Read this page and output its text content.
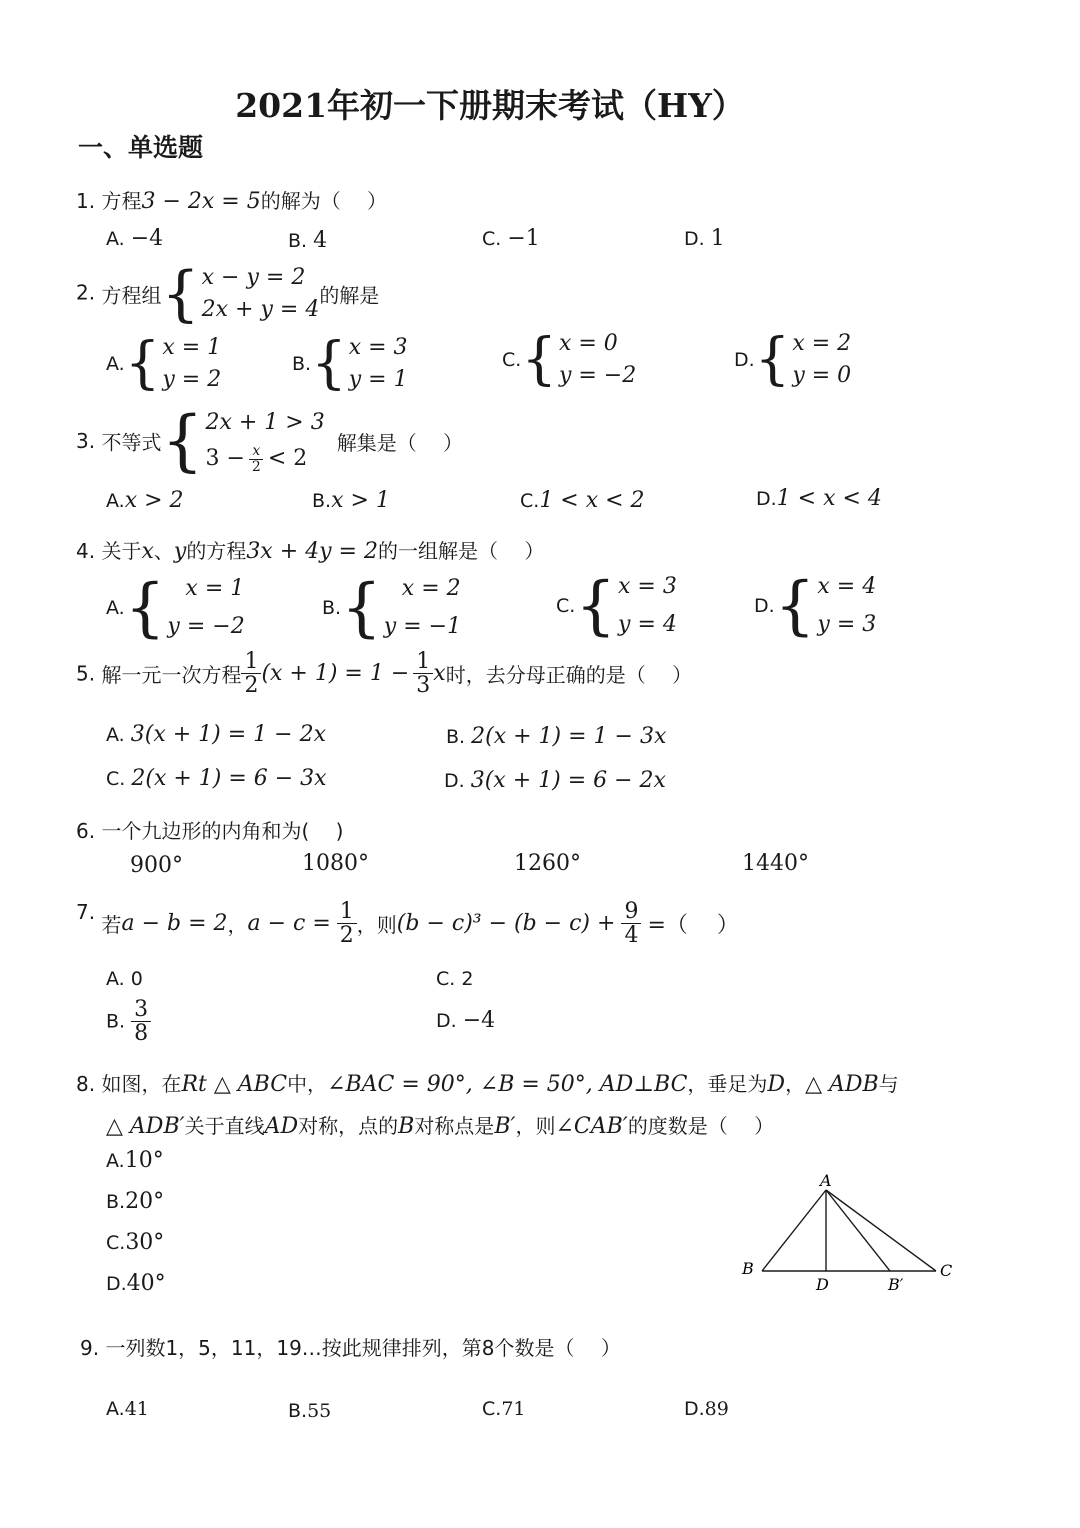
2021年初一下册期末考试（HY）
一、单选题
1. 方程3 − 2x = 5的解为（　 ）
A. −4	B. 4	C. −1	D. 1
2. 方程组 { x − y = 2
2x + y = 4
的解是
A. { x = 1
y = 2
B. { x = 3
y = 1
C. { x = 0
y = −2
D. { x = 2
y = 0
3. 不等式 { 2x + 1 > 3
$3 - \frac{x}{2} < 2$
解集是（　 ）
A.x > 2	B.x > 1	C.1 < x < 2	D.1 < x < 4
4. 关于x、y的方程3x + 4y = 2的一组解是（　 ）
A. { x = 1
y = −2
B. { x = 2
y = −1
C. { x = 3
y = 4
D. { x = 4
y = 3
5. 解一元一次方程 $\frac{1}{2} (x + 1) = 1 - \frac{1}{3}$ x时，去分母正确的是（　 ）
A. 3(x + 1) = 1 − 2x	B. 2(x + 1) = 1 − 3x
C. 2(x + 1) = 6 − 3x	D. 3(x + 1) = 6 − 2x
6. 一个九边形的内角和为(　 )
900°	1080°	1260°	1440°
7. 若a − b = 2，$a - c = \frac{1}{2}$ ，则$(b - c)^3 - (b - c) + \frac{9}{4}$ =（　 ）
A. 0	C. 2
B. $\frac{3}{8}$	D. −4
8. 如图，在Rt △ ABC中，∠BAC = 90°, ∠B = 50°, AD⊥BC，垂足为D，△ ADB与
△ ADB′关于直线AD对称，点的B对称点是B′，则∠CAB′的度数是（　 ）
A.10°
B.20°
C.30°
D.40°
A
B	C
D	B′
9. 一列数1，5，11，19…按此规律排列，第8个数是（　 ）
A.41	B.55	C.71	D.89
